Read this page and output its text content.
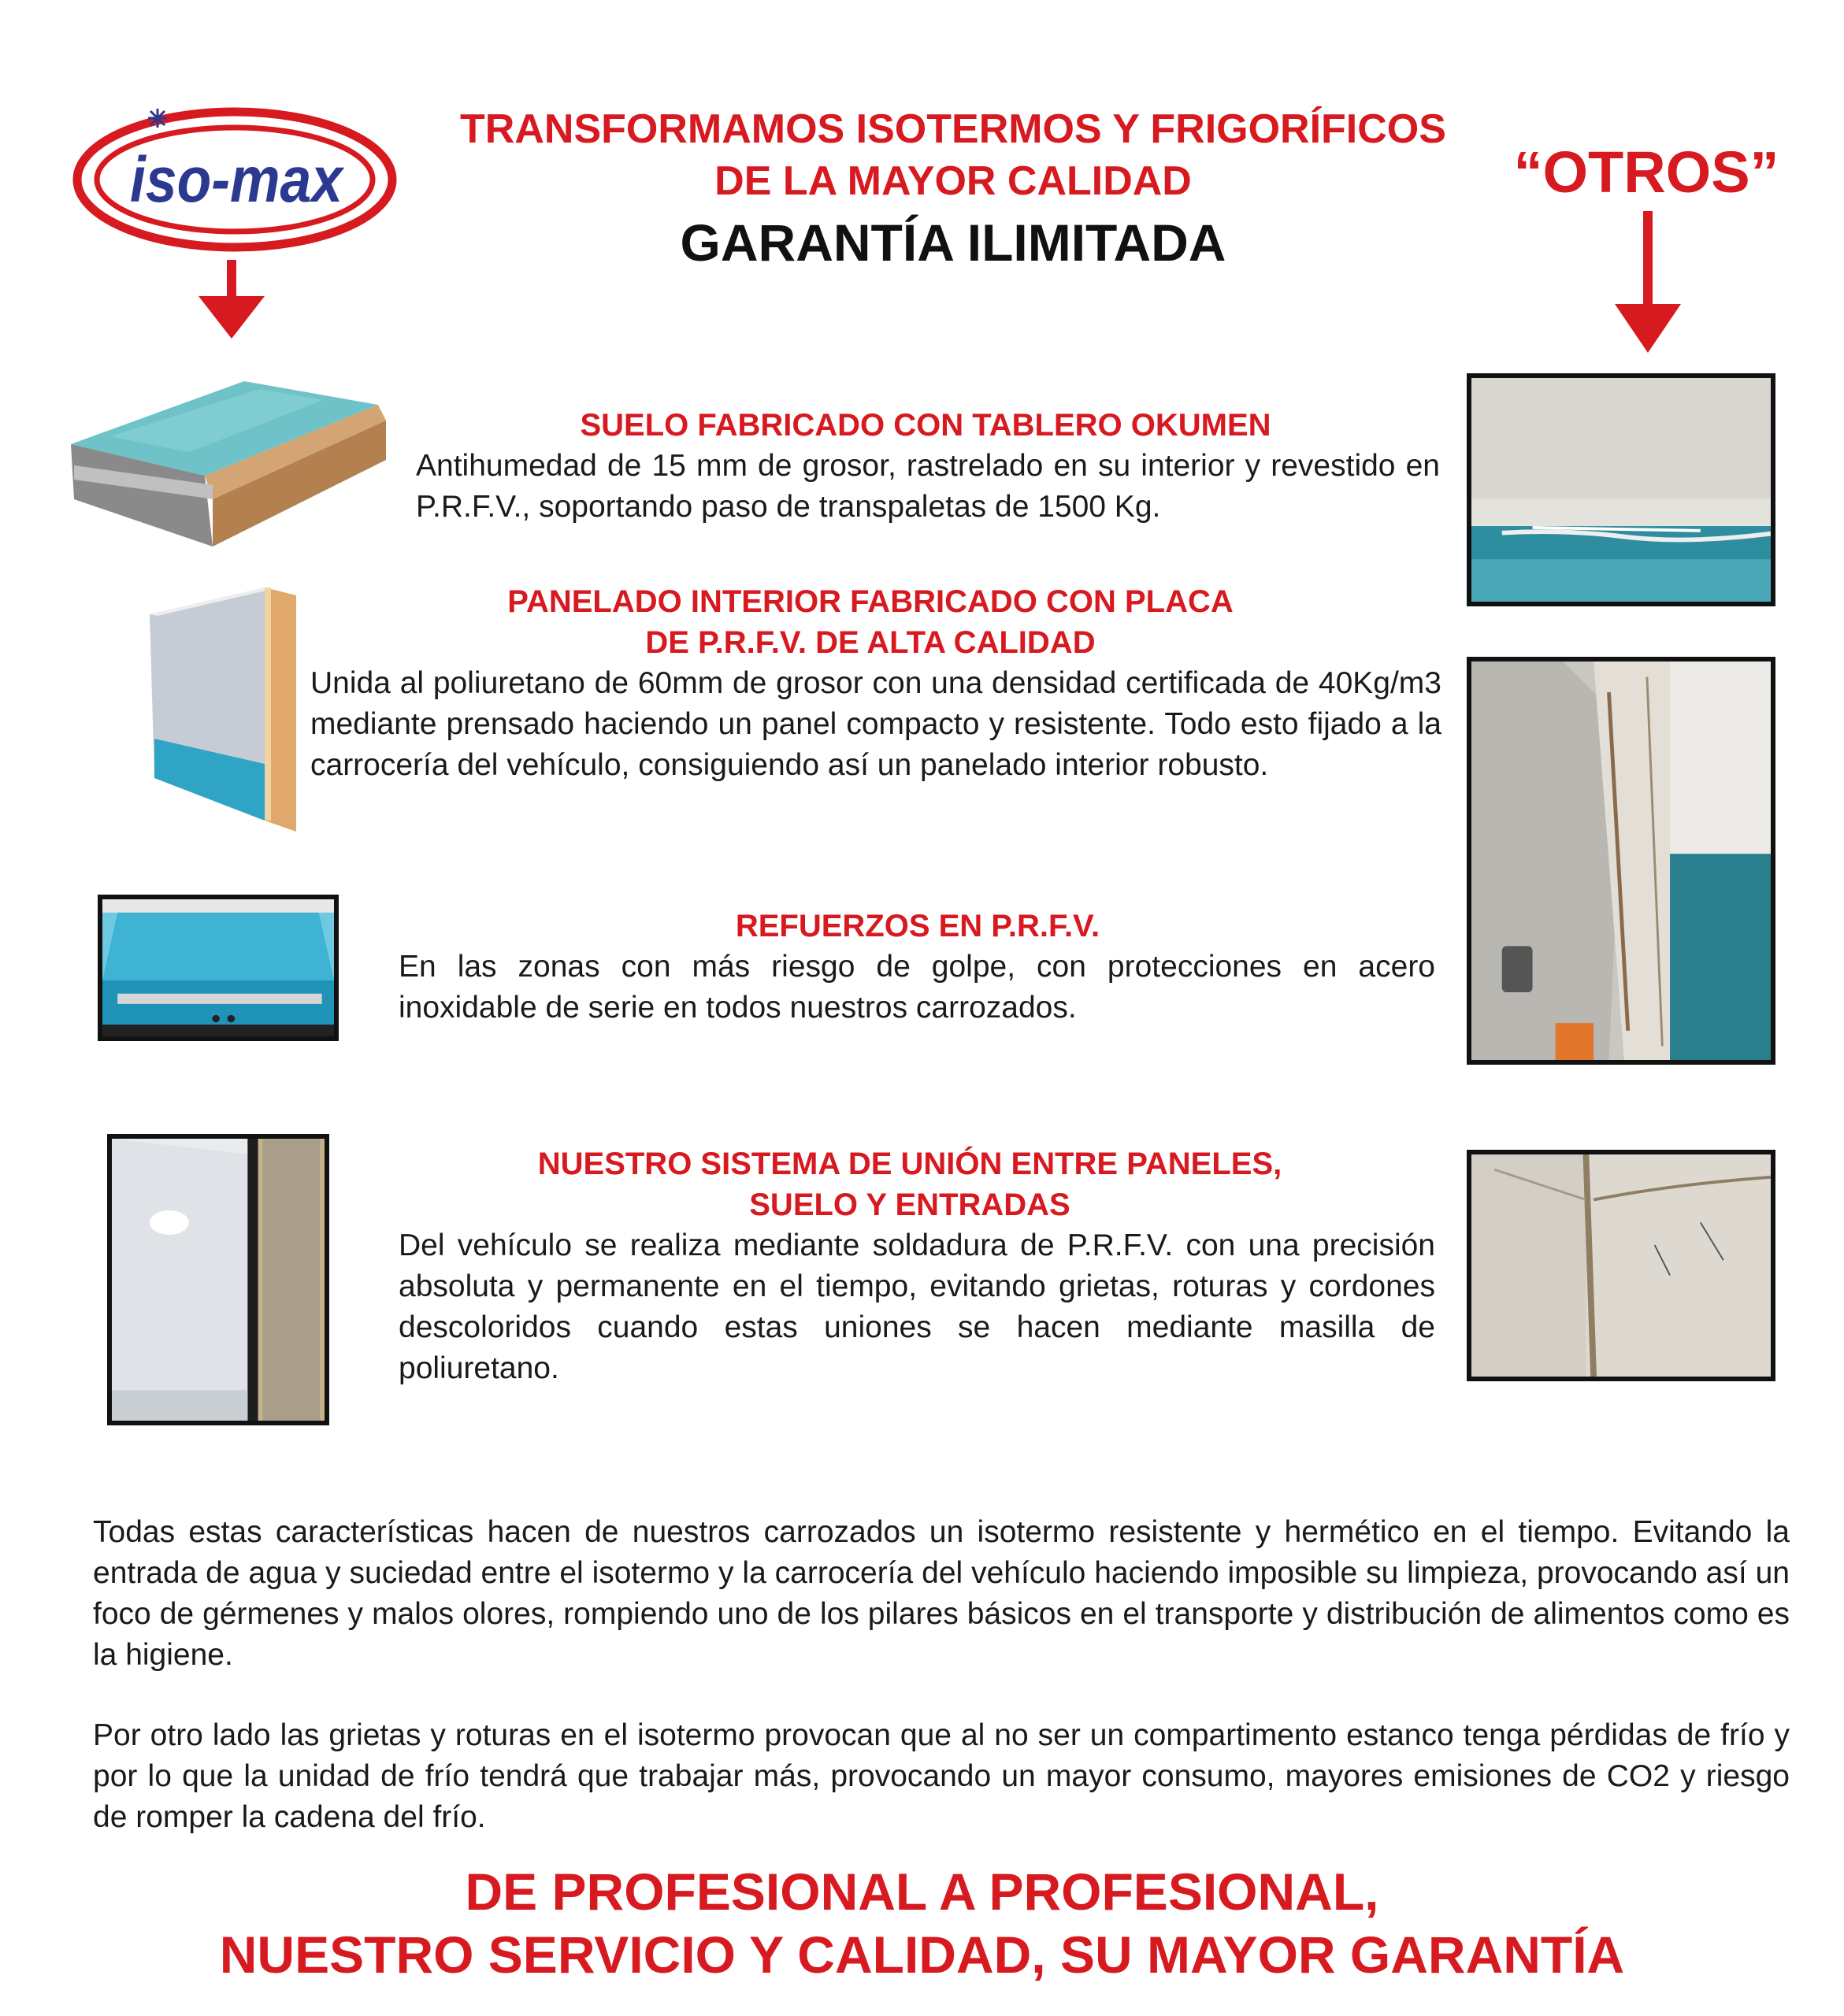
iso-max
TRANSFORMAMOS ISOTERMOS Y FRIGORÍFICOS
DE LA MAYOR CALIDAD
GARANTÍA ILIMITADA
“OTROS”
SUELO FABRICADO CON TABLERO OKUMEN
Antihumedad de 15 mm de grosor, rastrelado en su interior y revestido en P.R.F.V., soportando paso de transpaletas de 1500 Kg.
PANELADO INTERIOR FABRICADO CON PLACA
DE P.R.F.V. DE ALTA CALIDAD
Unida al poliuretano de 60mm de grosor con una densidad certificada de 40Kg/m3 mediante prensado haciendo un panel compacto y resistente. Todo esto fijado a la carrocería del vehículo, consiguiendo así un panelado interior robusto.
REFUERZOS EN P.R.F.V.
En las zonas con más riesgo de golpe, con protecciones en acero inoxidable de serie en todos nuestros carrozados.
NUESTRO SISTEMA DE UNIÓN ENTRE PANELES,
SUELO Y ENTRADAS
Del vehículo se realiza mediante soldadura de P.R.F.V. con una precisión absoluta y permanente en el tiempo, evitando grietas, roturas y cordones descoloridos cuando estas uniones se hacen mediante masilla de poliuretano.
Todas estas características hacen de nuestros carrozados un isotermo resistente y hermético en el tiempo. Evitando la entrada de agua y suciedad entre el isotermo y la carrocería del vehículo haciendo imposible su limpieza, provocando así un foco de gérmenes y malos olores, rompiendo uno de los pilares básicos en el transporte y distribución de alimentos como es la higiene.
Por otro lado las grietas y roturas en el isotermo provocan que al no ser un compartimento estanco tenga pérdidas de frío y por lo que la unidad de frío tendrá que trabajar más, provocando un mayor consumo, mayores emisiones de CO2 y riesgo de romper la cadena del frío.
DE PROFESIONAL A PROFESIONAL,
NUESTRO SERVICIO Y CALIDAD, SU MAYOR GARANTÍA
